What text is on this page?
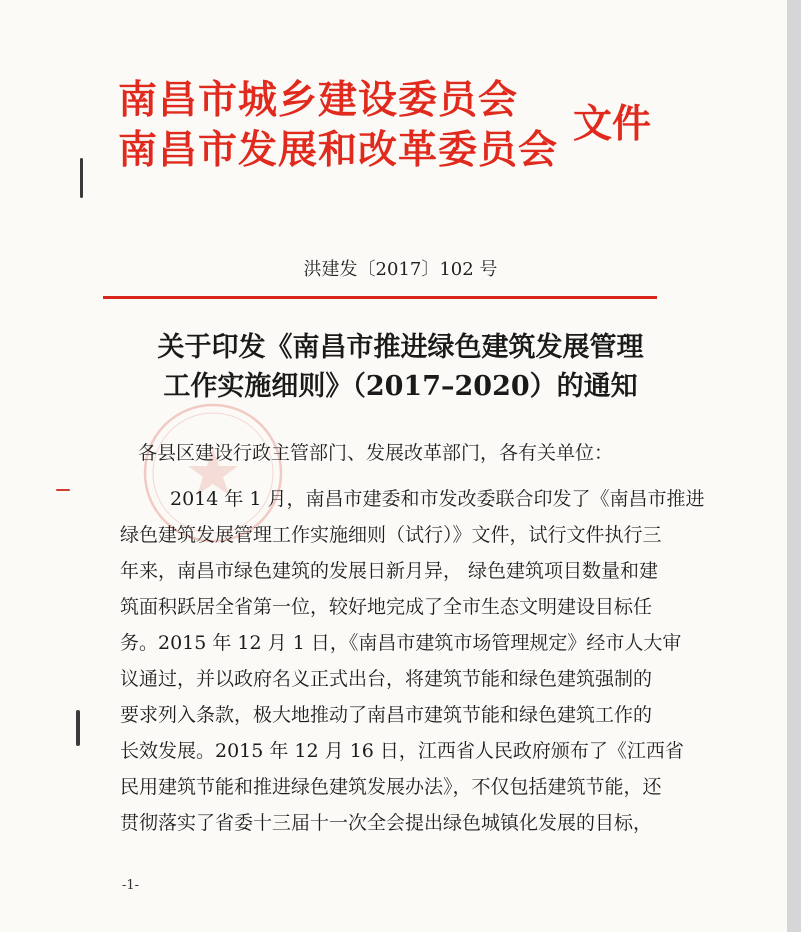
南昌市城乡建设委员会
南昌市发展和改革委员会
文件
洪建发〔2017〕102 号
关于印发《南昌市推进绿色建筑发展管理
工作实施细则》（2017–2020）的通知
各县区建设行政主管部门、发展改革部门，各有关单位：
2014 年 1 月，南昌市建委和市发改委联合印发了《南昌市推进
绿色建筑发展管理工作实施细则（试行）》文件，试行文件执行三
年来，南昌市绿色建筑的发展日新月异， 绿色建筑项目数量和建
筑面积跃居全省第一位，较好地完成了全市生态文明建设目标任
务。2015 年 12 月 1 日，《南昌市建筑市场管理规定》经市人大审
议通过，并以政府名义正式出台，将建筑节能和绿色建筑强制的
要求列入条款，极大地推动了南昌市建筑节能和绿色建筑工作的
长效发展。2015 年 12 月 16 日，江西省人民政府颁布了《江西省
民用建筑节能和推进绿色建筑发展办法》，不仅包括建筑节能，还
贯彻落实了省委十三届十一次全会提出绿色城镇化发展的目标，
-1-
